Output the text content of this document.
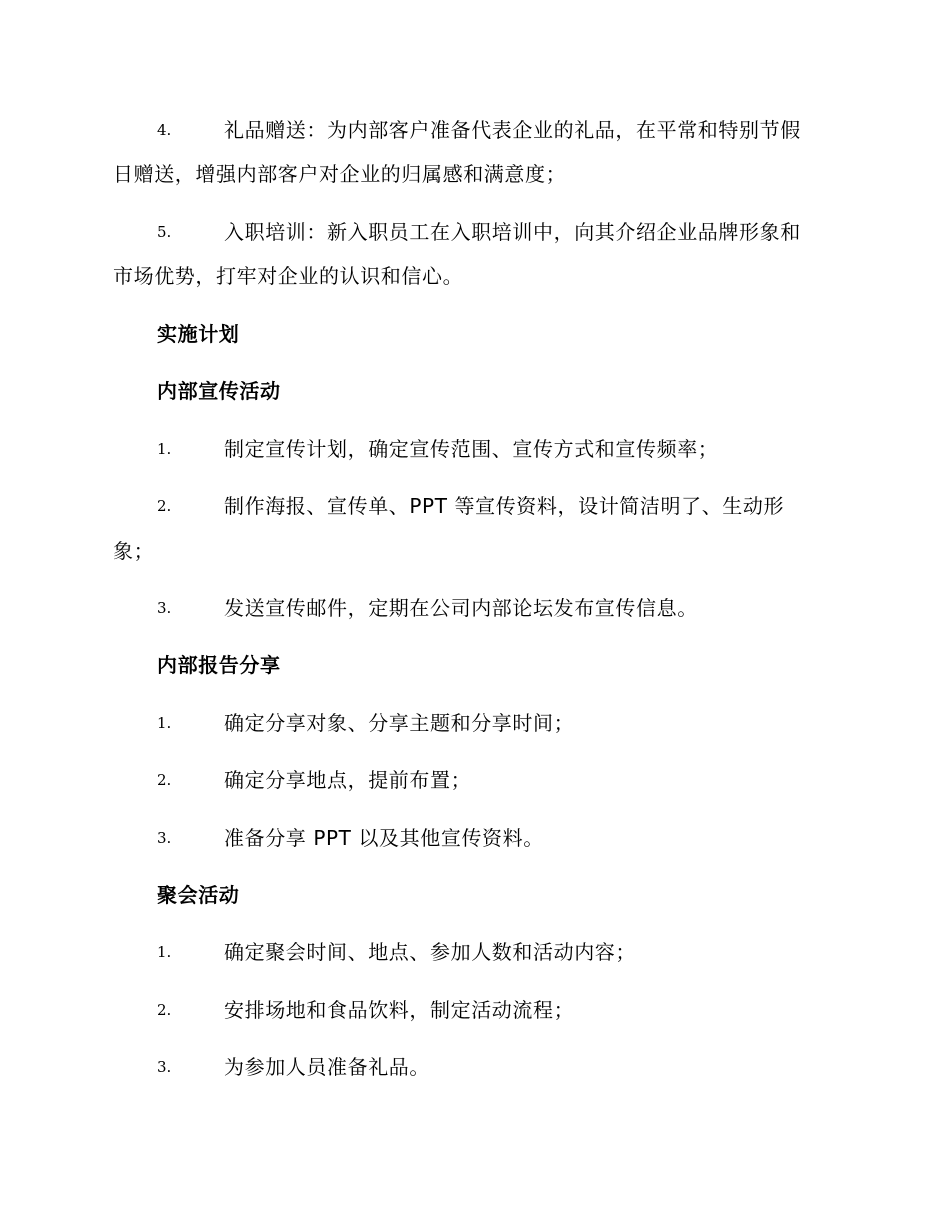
4.	礼品赠送：为内部客户准备代表企业的礼品，在平常和特别节假
日赠送，增强内部客户对企业的归属感和满意度；
5.	入职培训：新入职员工在入职培训中，向其介绍企业品牌形象和
市场优势，打牢对企业的认识和信心。
实施计划
内部宣传活动
1.	制定宣传计划，确定宣传范围、宣传方式和宣传频率；
2.	制作海报、宣传单、PPT 等宣传资料，设计简洁明了、生动形
象；
3.	发送宣传邮件，定期在公司内部论坛发布宣传信息。
内部报告分享
1.	确定分享对象、分享主题和分享时间；
2.	确定分享地点，提前布置；
3.	准备分享 PPT 以及其他宣传资料。
聚会活动
1.	确定聚会时间、地点、参加人数和活动内容；
2.	安排场地和食品饮料，制定活动流程；
3.	为参加人员准备礼品。
